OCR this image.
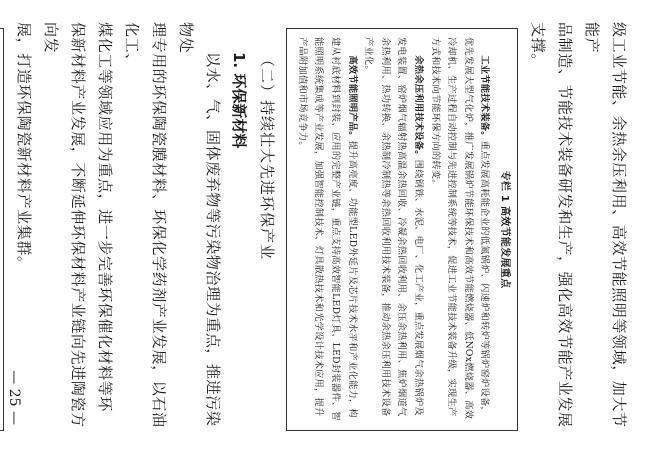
级工业节能、余热余压利用、高效节能照明等领域，加大节能产

品制造、节能技术装备研发和生产，强化高效节能产业发展支撑。

专栏 1 高效节能发展重点

工业节能技术装备。重点发展高耗能企业的低氮锅炉、闪速炉和转炉等锅炉窑炉设备，优先发展大型气化炉，推广发展锅炉节能环保技术和高效节能燃烧器、低NOx燃烧器、高效冷却机、生产过程自动控制与先进控制系统等技术，促进工业节能技术装备升级，实现生产方式和技术向节能环保方向的转变。

余热余压利用技术设备。围绕钢铁、水泥、电厂、化工产业，重点发展烟气余热锅炉及发电装置、窑炉烟气辐射热高温余热回收、冷凝余热回收利用、余压余热利用、焦炉烟道气余热利用、热功转换、余热制冷制热等余热回收利用技术装备，推动余热余压利用技术设备产业化。

高效节能照明产品。提升高亮度、功能型LED外延片及芯片技术水平和产业化能力，构建从衬底材料到封装、应用的完整产业链，重点支持高效智能LED灯具、LED封装器件、智能照明系统集成等产业发展，加强智能控制技术、灯具散热技术和光学设计技术应用，提升产品附加值和市场竞争力。

（二）持续壮大先进环保产业
1. 环保新材料

以水、气、固体废弃物等污染物治理为重点，推进污染物处

理专用的环保陶瓷膜材料、环保化学药剂产业发展，以石油化工、

煤化工等领域应用为重点，进一步完善环保催化材料等环

保新材料产业发展，不断延伸环保材料产业链向先进陶瓷方向发

展，打造环保陶瓷新材料产业集群。

— 25 —
